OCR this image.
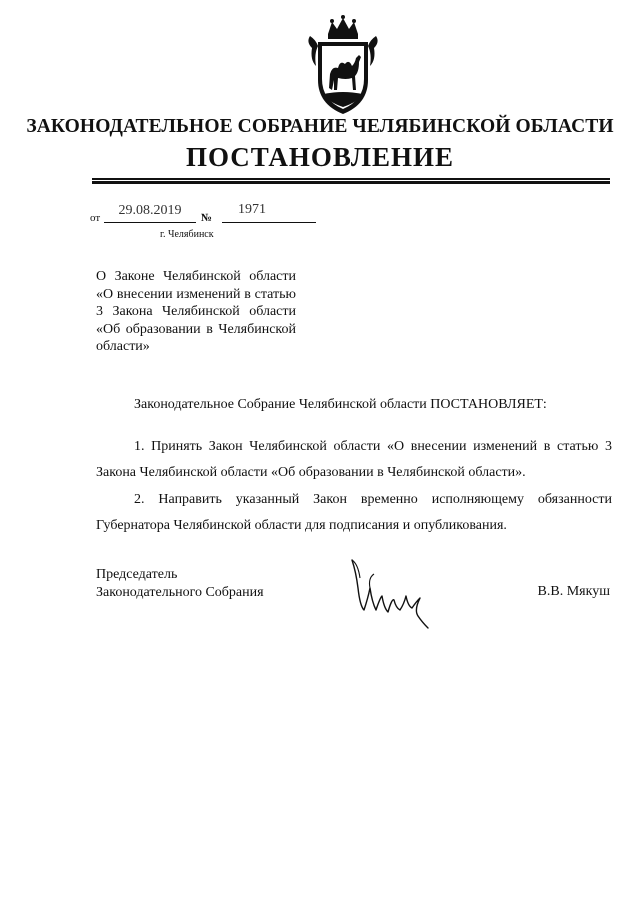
ЗАКОНОДАТЕЛЬНОЕ СОБРАНИЕ ЧЕЛЯБИНСКОЙ ОБЛАСТИ
ПОСТАНОВЛЕНИЕ
от	29.08.2019	№
1971
г. Челябинск
О Законе Челябинской области «О внесении изменений в статью 3 Закона Челябинской области «Об образовании в Челябинской области»
Законодательное Собрание Челябинской области ПОСТАНОВЛЯЕТ:
1. Принять Закон Челябинской области «О внесении изменений в статью 3 Закона Челябинской области «Об образовании в Челябинской области».
2. Направить указанный Закон временно исполняющему обязанности Губернатора Челябинской области для подписания и опубликования.
Председатель
Законодательного Собрания	В.В. Мякуш
